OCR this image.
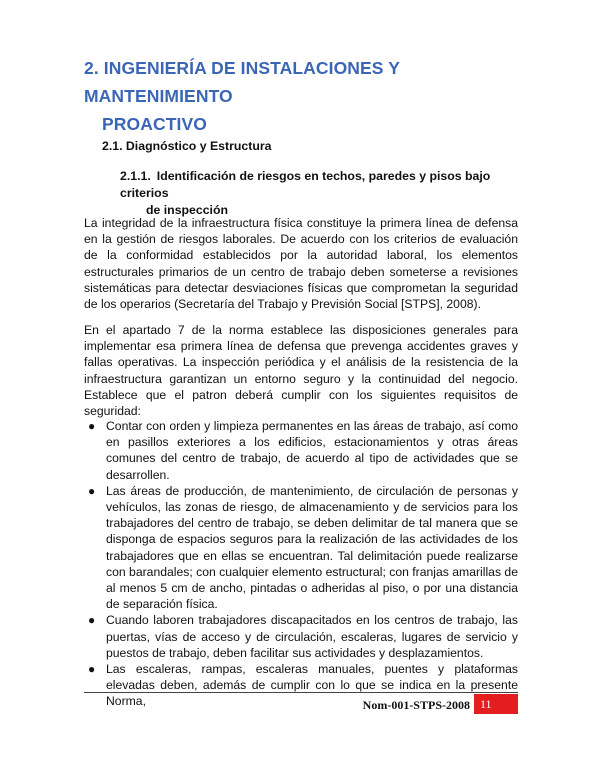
2. INGENIERÍA DE INSTALACIONES Y MANTENIMIENTO
PROACTIVO
2.1. Diagnóstico y Estructura
2.1.1. Identificación de riesgos en techos, paredes y pisos bajo criterios
de inspección

La integridad de la infraestructura física constituye la primera línea de defensa en la gestión de riesgos laborales. De acuerdo con los criterios de evaluación de la conformidad establecidos por la autoridad laboral, los elementos estructurales primarios de un centro de trabajo deben someterse a revisiones sistemáticas para detectar desviaciones físicas que comprometan la seguridad de los operarios (Secretaría del Trabajo y Previsión Social [STPS], 2008).

En el apartado 7 de la norma establece las disposiciones generales para implementar esa primera línea de defensa que prevenga accidentes graves y fallas operativas. La inspección periódica y el análisis de la resistencia de la infraestructura garantizan un entorno seguro y la continuidad del negocio. Establece que el patron deberá cumplir con los siguientes requisitos de seguridad:

● Contar con orden y limpieza permanentes en las áreas de trabajo, así como en pasillos exteriores a los edificios, estacionamientos y otras áreas comunes del centro de trabajo, de acuerdo al tipo de actividades que se desarrollen.
● Las áreas de producción, de mantenimiento, de circulación de personas y vehículos, las zonas de riesgo, de almacenamiento y de servicios para los trabajadores del centro de trabajo, se deben delimitar de tal manera que se disponga de espacios seguros para la realización de las actividades de los trabajadores que en ellas se encuentran. Tal delimitación puede realizarse con barandales; con cualquier elemento estructural; con franjas amarillas de al menos 5 cm de ancho, pintadas o adheridas al piso, o por una distancia de separación física.
● Cuando laboren trabajadores discapacitados en los centros de trabajo, las puertas, vías de acceso y de circulación, escaleras, lugares de servicio y puestos de trabajo, deben facilitar sus actividades y desplazamientos.
● Las escaleras, rampas, escaleras manuales, puentes y plataformas elevadas deben, además de cumplir con lo que se indica en la presente Norma,	Nom-001-STPS-2008 11
